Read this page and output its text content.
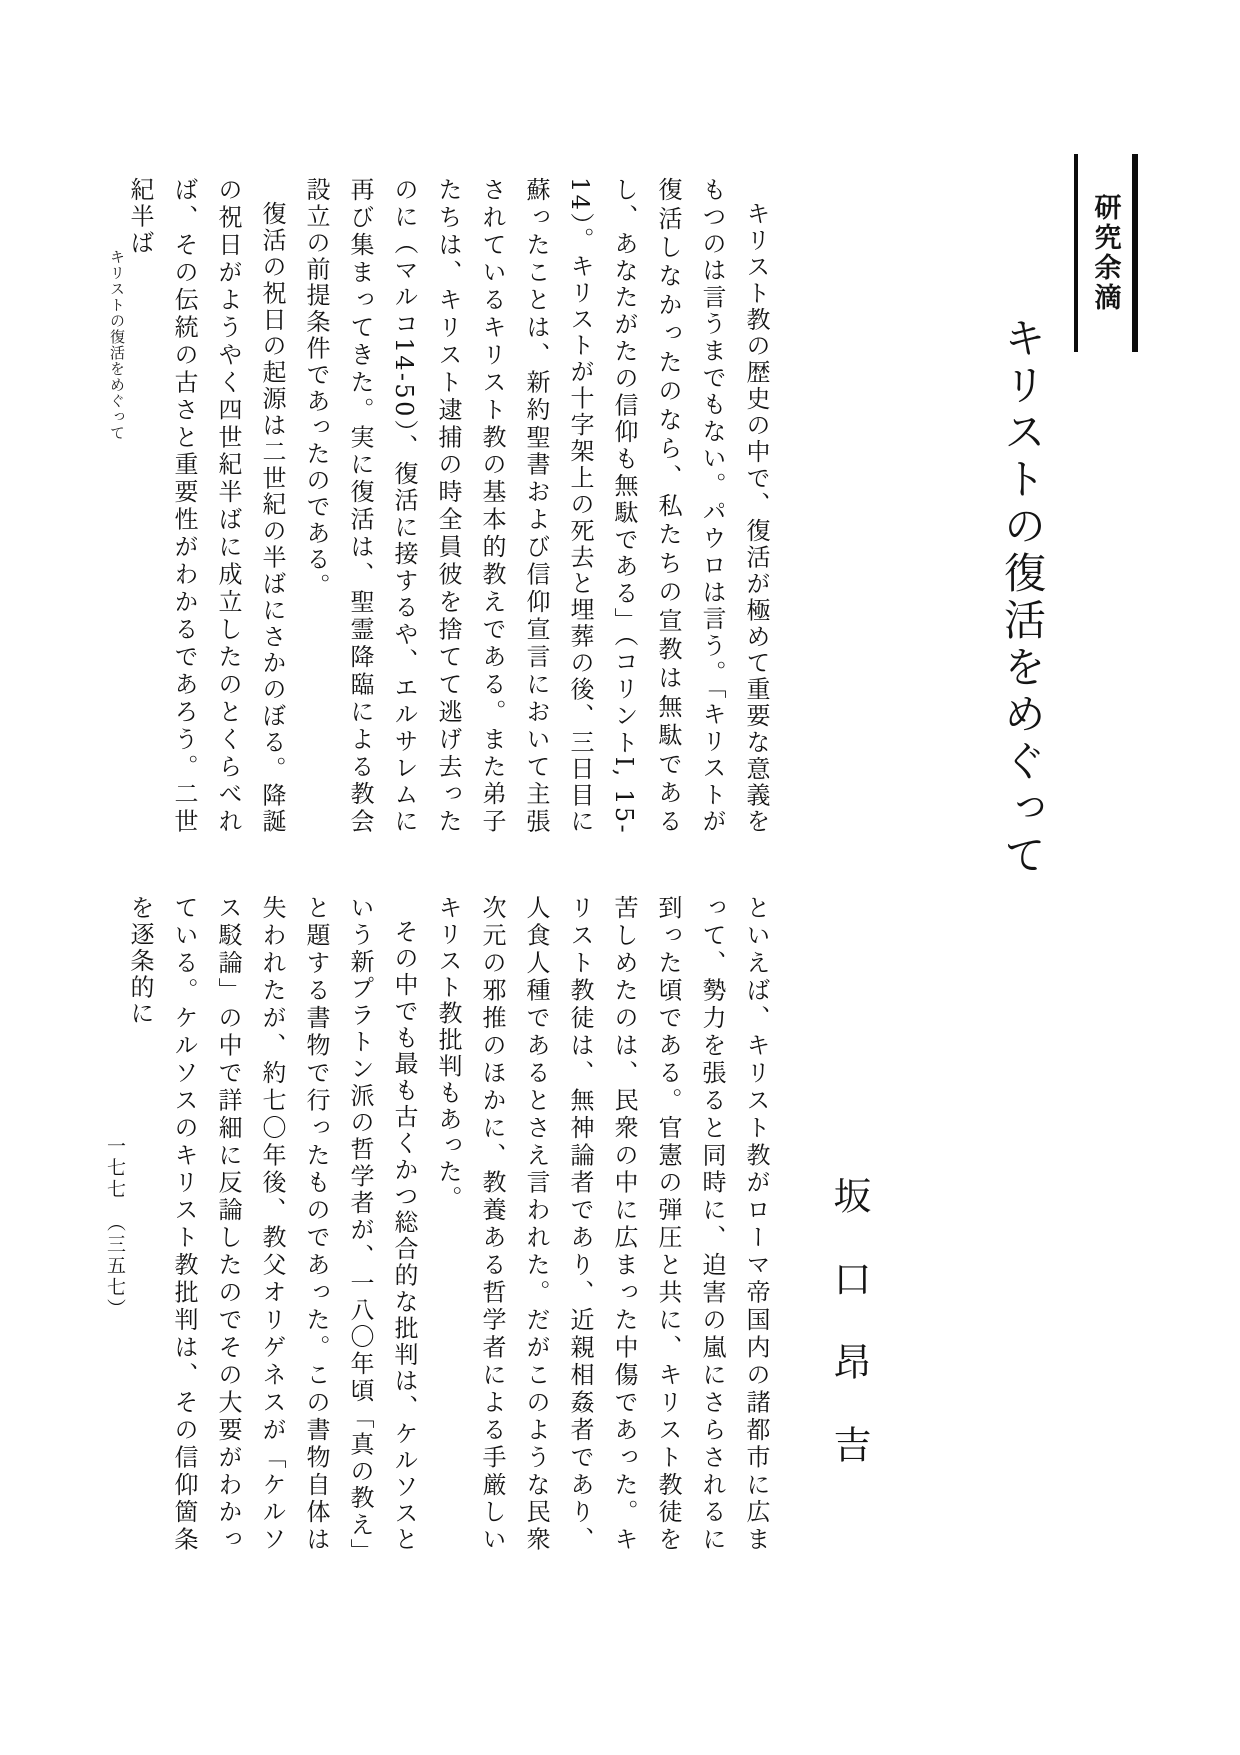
研究余滴
キリストの復活をめぐって
坂口昂吉

キリスト教の歴史の中で、復活が極めて重要な意義をもつのは言うまでもない。パウロは言う。「キリストが復活しなかったのなら、私たちの宣教は無駄であるし、あなたがたの信仰も無駄である」（コリントI, 15-14）。キリストが十字架上の死去と埋葬の後、三日目に蘇ったことは、新約聖書および信仰宣言において主張されているキリスト教の基本的教えである。また弟子たちは、キリスト逮捕の時全員彼を捨てて逃げ去ったのに（マルコ14-50）、復活に接するや、エルサレムに再び集まってきた。実に復活は、聖霊降臨による教会設立の前提条件であったのである。

復活の祝日の起源は二世紀の半ばにさかのぼる。降誕の祝日がようやく四世紀半ばに成立したのとくらべれば、その伝統の古さと重要性がわかるであろう。二世紀半ば

といえば、キリスト教がローマ帝国内の諸都市に広まって、勢力を張ると同時に、迫害の嵐にさらされるに到った頃である。官憲の弾圧と共に、キリスト教徒を苦しめたのは、民衆の中に広まった中傷であった。キリスト教徒は、無神論者であり、近親相姦者であり、人食人種であるとさえ言われた。だがこのような民衆次元の邪推のほかに、教養ある哲学者による手厳しいキリスト教批判もあった。

その中でも最も古くかつ総合的な批判は、ケルソスという新プラトン派の哲学者が、一八〇年頃「真の教え」と題する書物で行ったものであった。この書物自体は失われたが、約七〇年後、教父オリゲネスが「ケルソス駁論」の中で詳細に反論したのでその大要がわかっている。ケルソスのキリスト教批判は、その信仰箇条を逐条的に

キリストの復活をめぐって
一七七　（三五七）
